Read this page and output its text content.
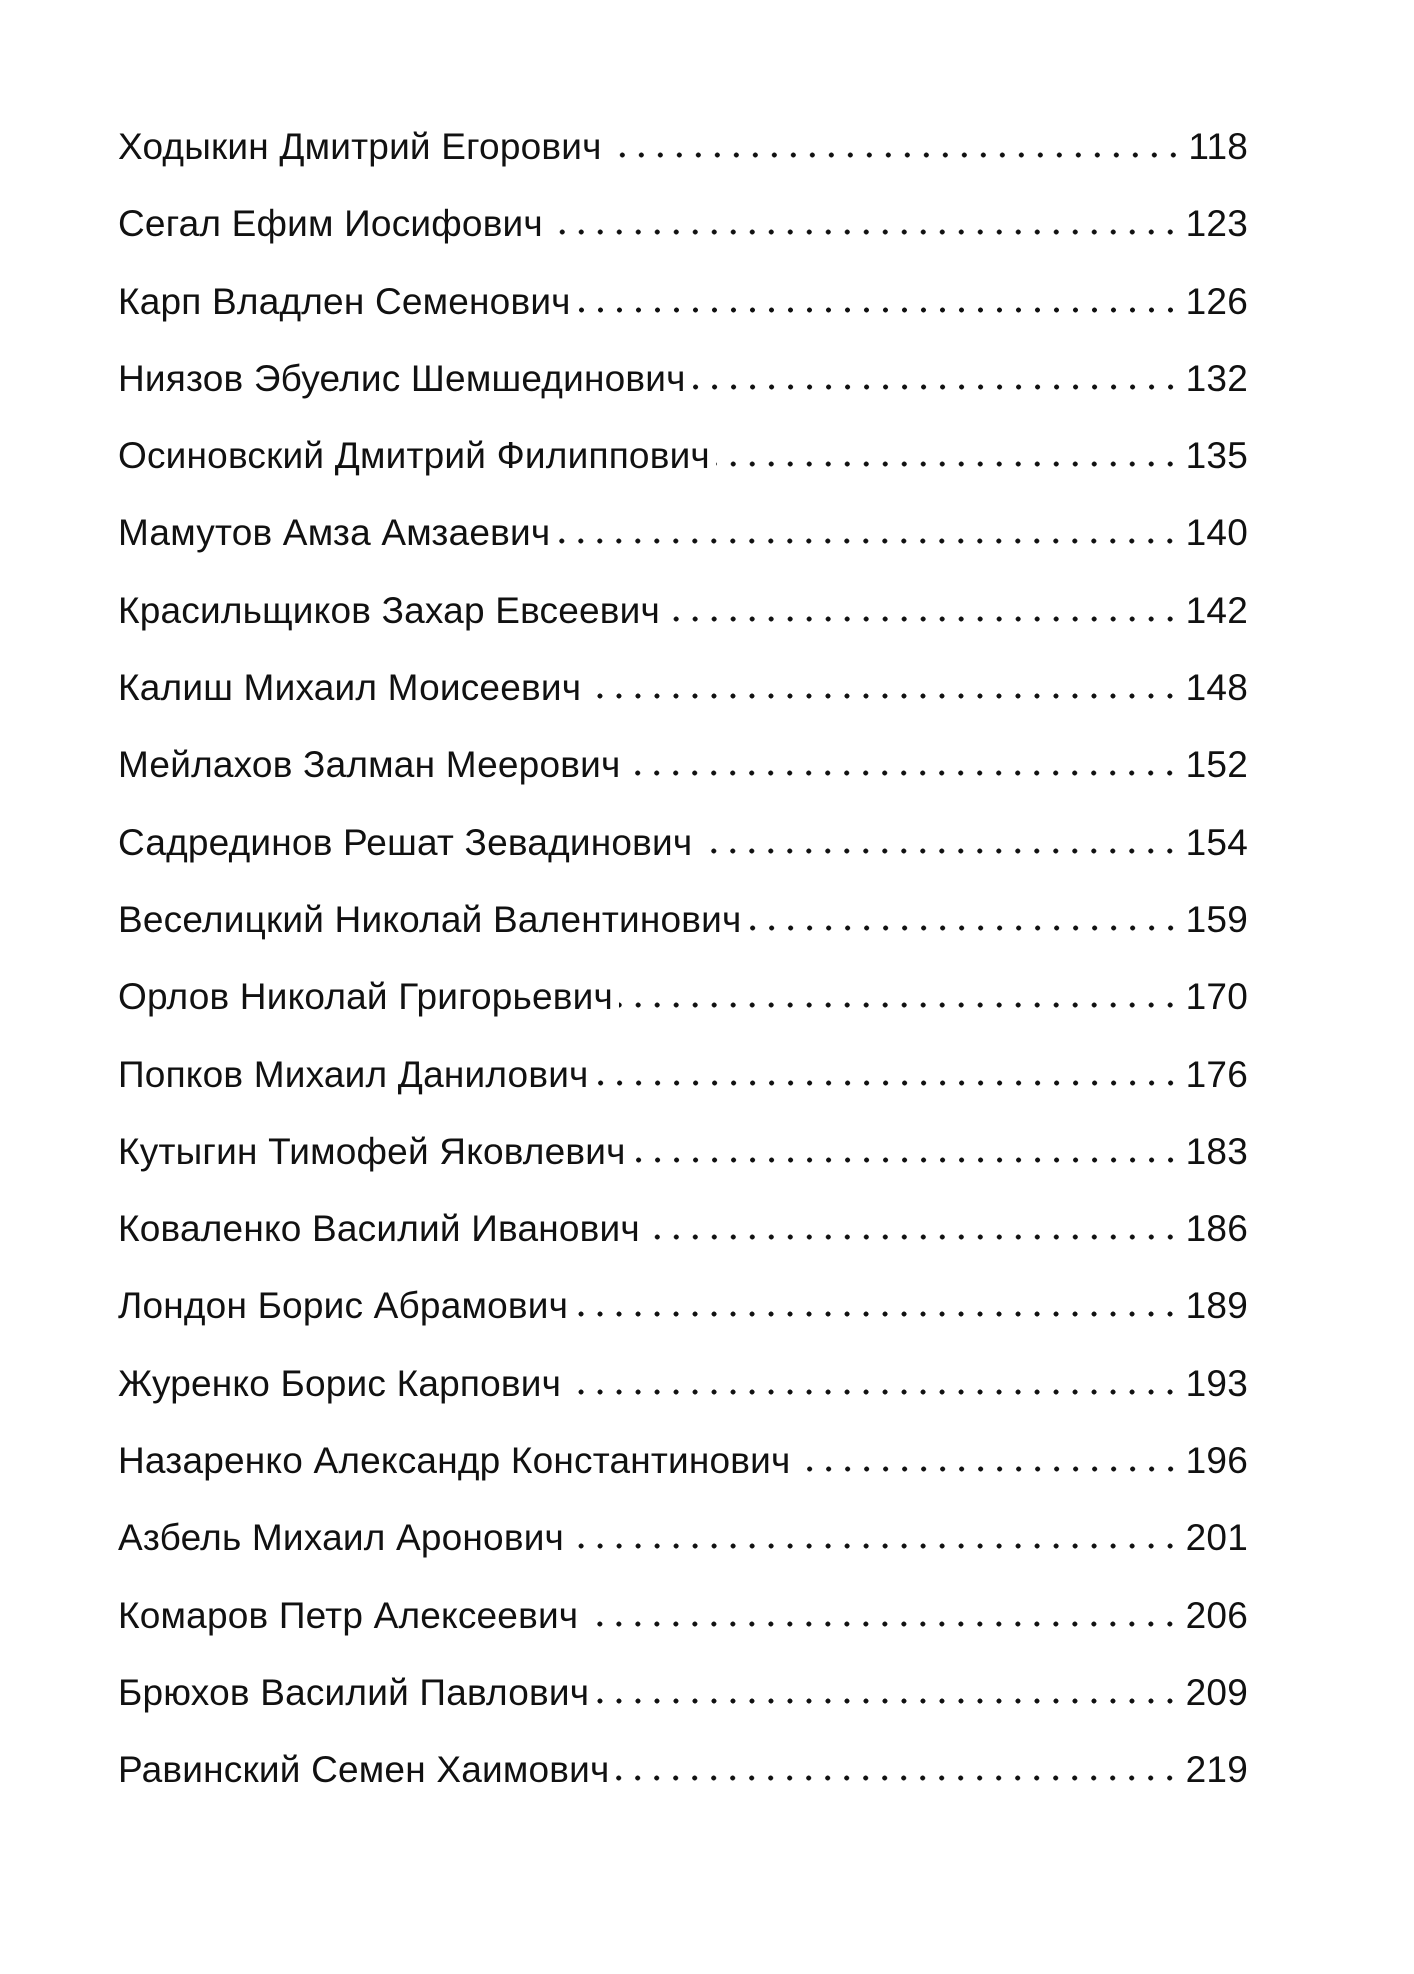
Ходыкин Дмитрий Егорович	118
Сегал Ефим Иосифович	123
Карп Владлен Семенович	126
Ниязов Эбуелис Шемшединович	132
Осиновский Дмитрий Филиппович	135
Мамутов Амза Амзаевич	140
Красильщиков Захар Евсеевич	142
Калиш Михаил Моисеевич	148
Мейлахов Залман Меерович	152
Садрединов Решат Зевадинович	154
Веселицкий Николай Валентинович	159
Орлов Николай Григорьевич	170
Попков Михаил Данилович	176
Кутыгин Тимофей Яковлевич	183
Коваленко Василий Иванович	186
Лондон Борис Абрамович	189
Журенко Борис Карпович	193
Назаренко Александр Константинович	196
Азбель Михаил Аронович	201
Комаров Петр Алексеевич	206
Брюхов Василий Павлович	209
Равинский Семен Хаимович	219
